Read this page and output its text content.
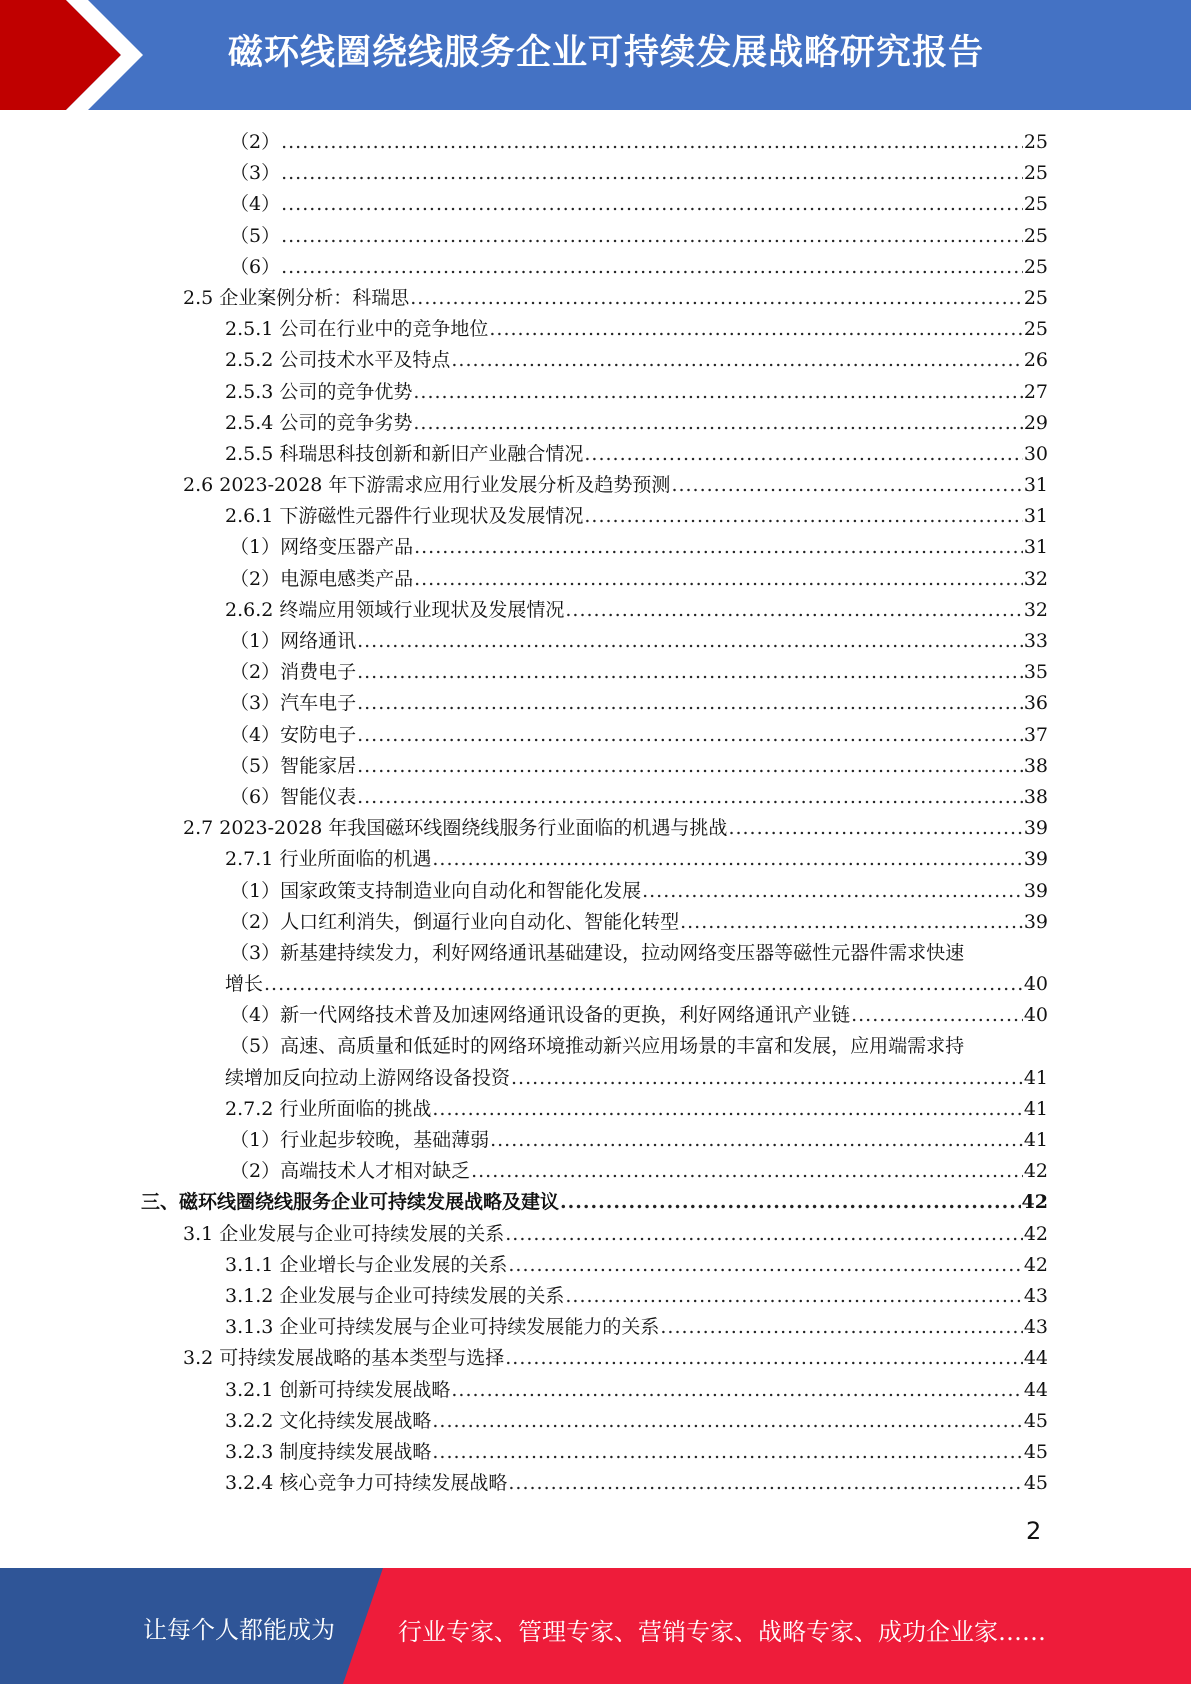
磁环线圈绕线服务企业可持续发展战略研究报告
（2） .....	25
（3） .....	25
（4） .....	25
（5） .....	25
（6） .....	25
2.5 企业案例分析：科瑞思 .....	25
2.5.1 公司在行业中的竞争地位 .....	25
2.5.2 公司技术水平及特点 .....	26
2.5.3 公司的竞争优势 .....	27
2.5.4 公司的竞争劣势 .....	29
2.5.5 科瑞思科技创新和新旧产业融合情况 .....	30
2.6 2023-2028 年下游需求应用行业发展分析及趋势预测 .....	31
2.6.1 下游磁性元器件行业现状及发展情况 .....	31
（1）网络变压器产品 .....	31
（2）电源电感类产品 .....	32
2.6.2 终端应用领域行业现状及发展情况 .....	32
（1）网络通讯 .....	33
（2）消费电子 .....	35
（3）汽车电子 .....	36
（4）安防电子 .....	37
（5）智能家居 .....	38
（6）智能仪表 .....	38
2.7 2023-2028 年我国磁环线圈绕线服务行业面临的机遇与挑战 .....	39
2.7.1 行业所面临的机遇 .....	39
（1）国家政策支持制造业向自动化和智能化发展 .....	39
（2）人口红利消失，倒逼行业向自动化、智能化转型 .....	39
（3）新基建持续发力，利好网络通讯基础建设，拉动网络变压器等磁性元器件需求快速
增长 .....	40
（4）新一代网络技术普及加速网络通讯设备的更换，利好网络通讯产业链 .....	40
（5）高速、高质量和低延时的网络环境推动新兴应用场景的丰富和发展，应用端需求持
续增加反向拉动上游网络设备投资 .....	41
2.7.2 行业所面临的挑战 .....	41
（1）行业起步较晚，基础薄弱 .....	41
（2）高端技术人才相对缺乏 .....	42
三、磁环线圈绕线服务企业可持续发展战略及建议 .....	42
3.1 企业发展与企业可持续发展的关系 .....	42
3.1.1 企业增长与企业发展的关系 .....	42
3.1.2 企业发展与企业可持续发展的关系 .....	43
3.1.3 企业可持续发展与企业可持续发展能力的关系 .....	43
3.2 可持续发展战略的基本类型与选择 .....	44
3.2.1 创新可持续发展战略 .....	44
3.2.2 文化持续发展战略 .....	45
3.2.3 制度持续发展战略 .....	45
3.2.4 核心竞争力可持续发展战略 .....	45
2
让每个人都能成为	行业专家、管理专家、营销专家、战略专家、成功企业家……
